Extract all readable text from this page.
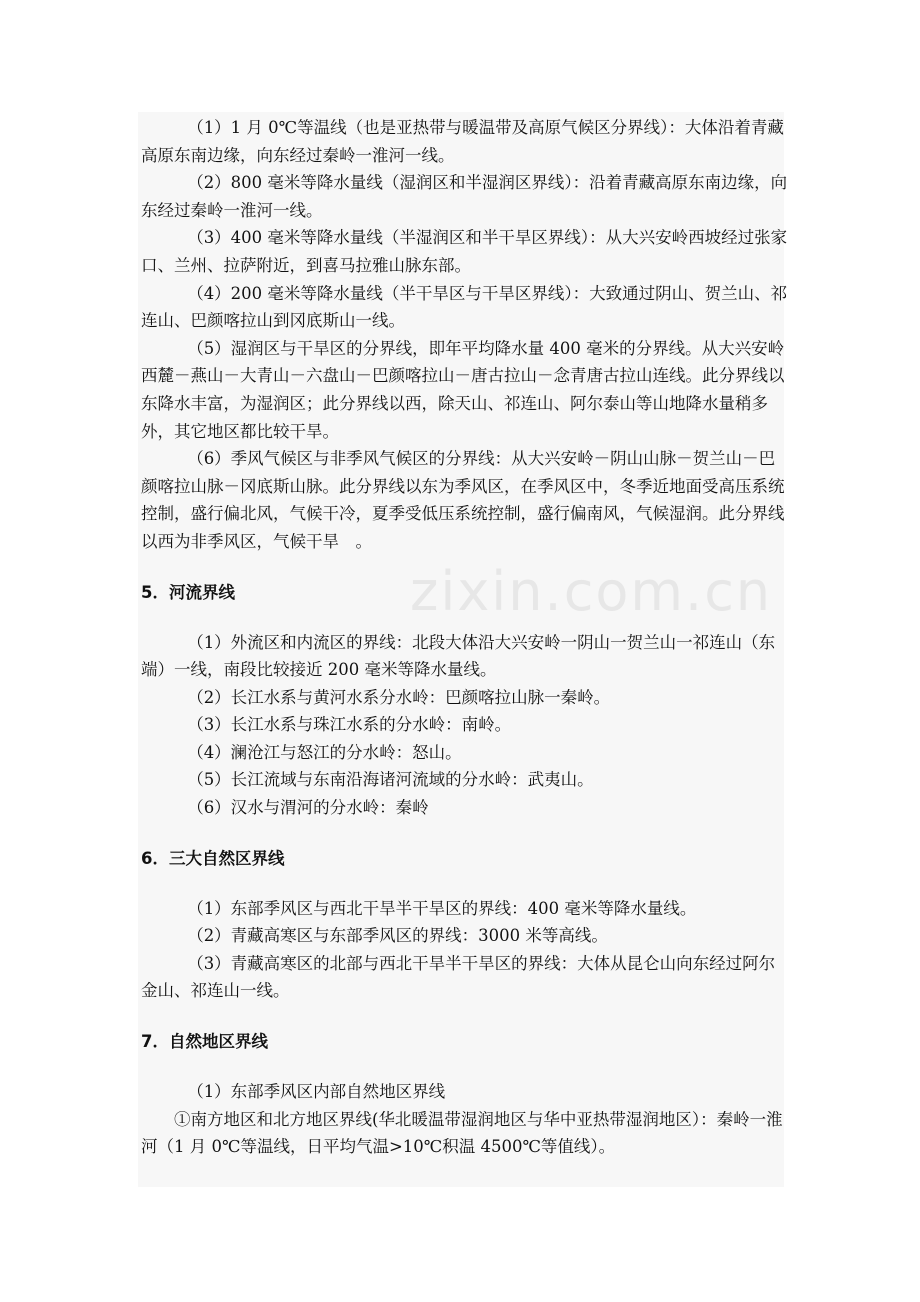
（1）1 月 0℃等温线（也是亚热带与暖温带及高原气候区分界线）：大体沿着青藏高原东南边缘，向东经过秦岭一淮河一线。

（2）800 毫米等降水量线（湿润区和半湿润区界线）：沿着青藏高原东南边缘，向东经过秦岭一淮河一线。

（3）400 毫米等降水量线（半湿润区和半干旱区界线）：从大兴安岭西坡经过张家口、兰州、拉萨附近，到喜马拉雅山脉东部。

（4）200 毫米等降水量线（半干旱区与干旱区界线）：大致通过阴山、贺兰山、祁连山、巴颜喀拉山到冈底斯山一线。

（5）湿润区与干旱区的分界线，即年平均降水量 400 毫米的分界线。从大兴安岭西麓－燕山－大青山－六盘山－巴颜喀拉山－唐古拉山－念青唐古拉山连线。此分界线以东降水丰富，为湿润区；此分界线以西，除天山、祁连山、阿尔泰山等山地降水量稍多外，其它地区都比较干旱。

（6）季风气候区与非季风气候区的分界线：从大兴安岭－阴山山脉－贺兰山－巴颜喀拉山脉－冈底斯山脉。此分界线以东为季风区，在季风区中，冬季近地面受高压系统控制，盛行偏北风，气候干冷，夏季受低压系统控制，盛行偏南风，气候湿润。此分界线以西为非季风区，气候干旱　。

5．河流界线

（1）外流区和内流区的界线：北段大体沿大兴安岭一阴山一贺兰山一祁连山（东端）一线，南段比较接近 200 毫米等降水量线。

（2）长江水系与黄河水系分水岭：巴颜喀拉山脉一秦岭。

（3）长江水系与珠江水系的分水岭：南岭。

（4）澜沧江与怒江的分水岭：怒山。

（5）长江流域与东南沿海诸河流域的分水岭：武夷山。

（6）汉水与渭河的分水岭：秦岭

6．三大自然区界线

（1）东部季风区与西北干旱半干旱区的界线：400 毫米等降水量线。

（2）青藏高寒区与东部季风区的界线：3000 米等高线。

（3）青藏高寒区的北部与西北干旱半干旱区的界线：大体从昆仑山向东经过阿尔金山、祁连山一线。

7．自然地区界线

（1）东部季风区内部自然地区界线

①南方地区和北方地区界线(华北暖温带湿润地区与华中亚热带湿润地区）：秦岭一淮河（1 月 0℃等温线，日平均气温>10℃积温 4500℃等值线）。

zixin.com.cn
